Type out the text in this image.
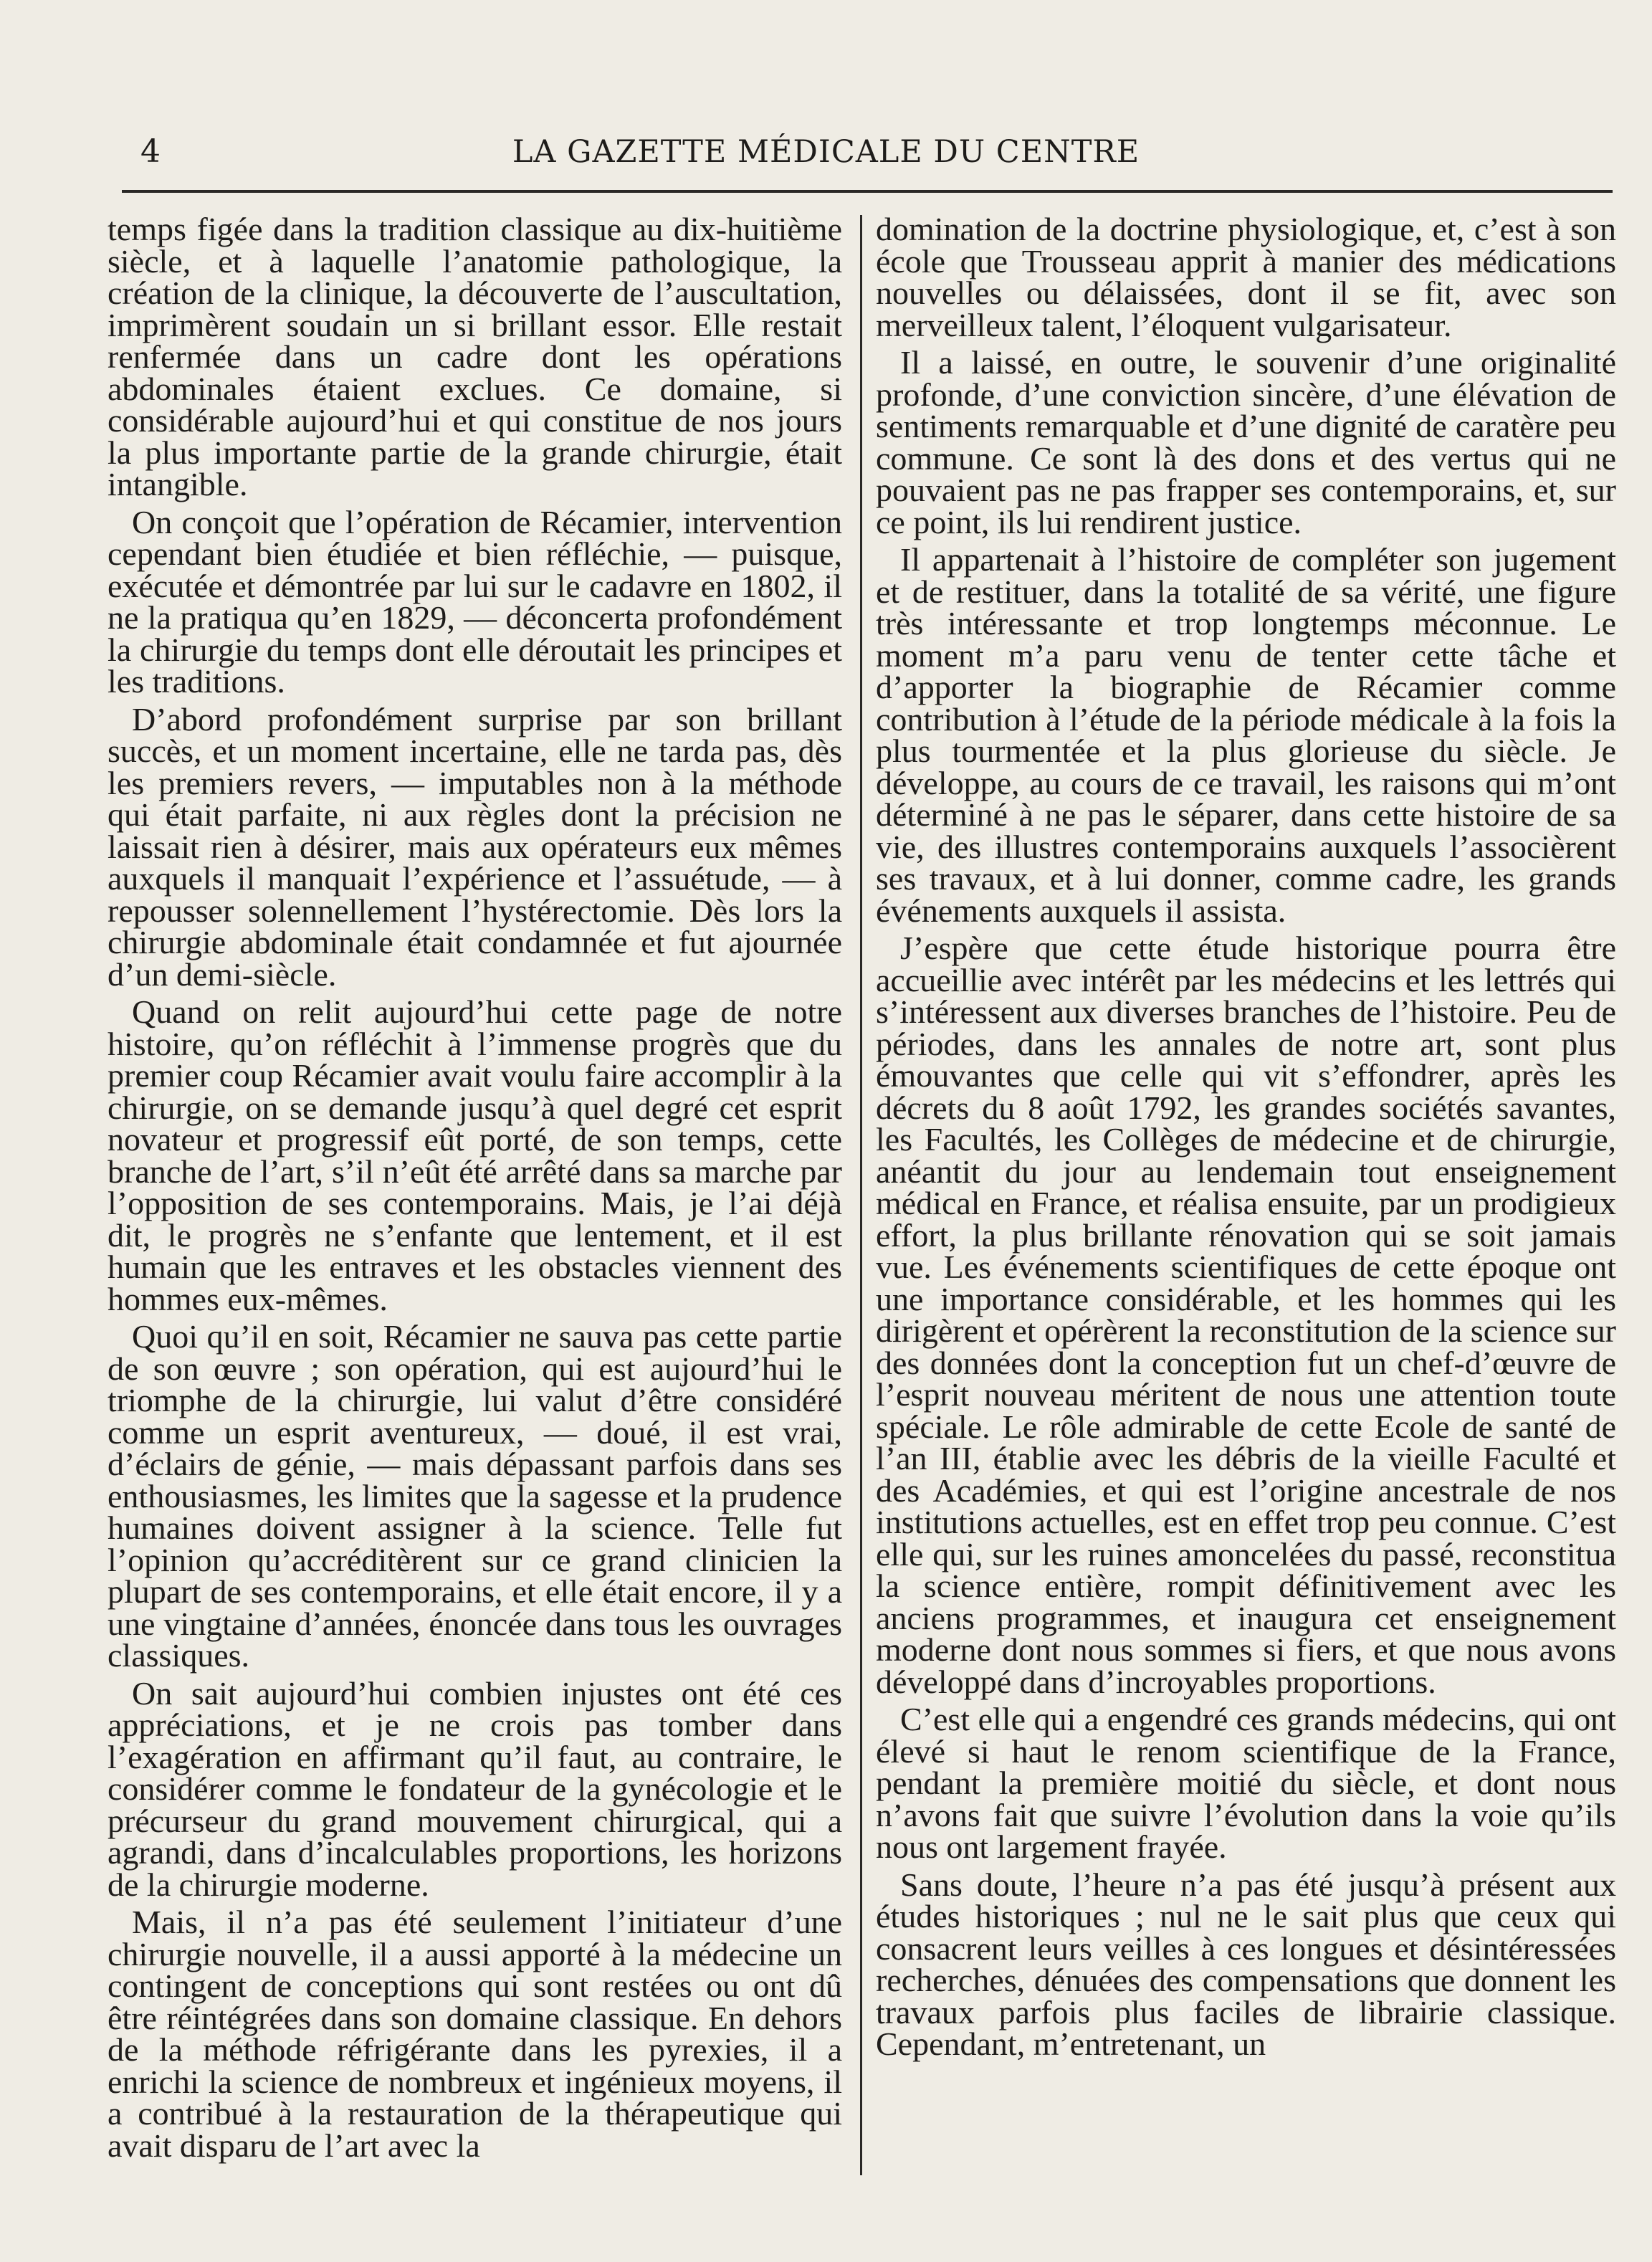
4	LA GAZETTE MÉDICALE DU CENTRE

temps figée dans la tradition classique au dix-huitième siècle, et à laquelle l’anatomie pathologique, la création de la clinique, la découverte de l’auscultation, imprimèrent soudain un si brillant essor. Elle restait renfermée dans un cadre dont les opérations abdominales étaient exclues. Ce domaine, si considérable aujourd’hui et qui constitue de nos jours la plus importante partie de la grande chirurgie, était intangible.

On conçoit que l’opération de Récamier, intervention cependant bien étudiée et bien réfléchie, — puisque, exécutée et démontrée par lui sur le cadavre en 1802, il ne la pratiqua qu’en 1829, — déconcerta profondément la chirurgie du temps dont elle déroutait les principes et les traditions.

D’abord profondément surprise par son brillant succès, et un moment incertaine, elle ne tarda pas, dès les premiers revers, — imputables non à la méthode qui était parfaite, ni aux règles dont la précision ne laissait rien à désirer, mais aux opérateurs eux mêmes auxquels il manquait l’expérience et l’assuétude, — à repousser solennellement l’hystérectomie. Dès lors la chirurgie abdominale était condamnée et fut ajournée d’un demi-siècle.

Quand on relit aujourd’hui cette page de notre histoire, qu’on réfléchit à l’immense progrès que du premier coup Récamier avait voulu faire accomplir à la chirurgie, on se demande jusqu’à quel degré cet esprit novateur et progressif eût porté, de son temps, cette branche de l’art, s’il n’eût été arrêté dans sa marche par l’opposition de ses contemporains. Mais, je l’ai déjà dit, le progrès ne s’enfante que lentement, et il est humain que les entraves et les obstacles viennent des hommes eux-mêmes.

Quoi qu’il en soit, Récamier ne sauva pas cette partie de son œuvre ; son opération, qui est aujourd’hui le triomphe de la chirurgie, lui valut d’être considéré comme un esprit aventureux, — doué, il est vrai, d’éclairs de génie, — mais dépassant parfois dans ses enthousiasmes, les limites que la sagesse et la prudence humaines doivent assigner à la science. Telle fut l’opinion qu’accréditèrent sur ce grand clinicien la plupart de ses contemporains, et elle était encore, il y a une vingtaine d’années, énoncée dans tous les ouvrages classiques.

On sait aujourd’hui combien injustes ont été ces appréciations, et je ne crois pas tomber dans l’exagération en affirmant qu’il faut, au contraire, le considérer comme le fondateur de la gynécologie et le précurseur du grand mouvement chirurgical, qui a agrandi, dans d’incalculables proportions, les horizons de la chirurgie moderne.

Mais, il n’a pas été seulement l’initiateur d’une chirurgie nouvelle, il a aussi apporté à la médecine un contingent de conceptions qui sont restées ou ont dû être réintégrées dans son domaine classique. En dehors de la méthode réfrigérante dans les pyrexies, il a enrichi la science de nombreux et ingénieux moyens, il a contribué à la restauration de la thérapeutique qui avait disparu de l’art avec la

domination de la doctrine physiologique, et, c’est à son école que Trousseau apprit à manier des médications nouvelles ou délaissées, dont il se fit, avec son merveilleux talent, l’éloquent vulgarisateur.

Il a laissé, en outre, le souvenir d’une originalité profonde, d’une conviction sincère, d’une élévation de sentiments remarquable et d’une dignité de caratère peu commune. Ce sont là des dons et des vertus qui ne pouvaient pas ne pas frapper ses contemporains, et, sur ce point, ils lui rendirent justice.

Il appartenait à l’histoire de compléter son jugement et de restituer, dans la totalité de sa vérité, une figure très intéressante et trop longtemps méconnue. Le moment m’a paru venu de tenter cette tâche et d’apporter la biographie de Récamier comme contribution à l’étude de la période médicale à la fois la plus tourmentée et la plus glorieuse du siècle. Je développe, au cours de ce travail, les raisons qui m’ont déterminé à ne pas le séparer, dans cette histoire de sa vie, des illustres contemporains auxquels l’associèrent ses travaux, et à lui donner, comme cadre, les grands événements auxquels il assista.

J’espère que cette étude historique pourra être accueillie avec intérêt par les médecins et les lettrés qui s’intéressent aux diverses branches de l’histoire. Peu de périodes, dans les annales de notre art, sont plus émouvantes que celle qui vit s’effondrer, après les décrets du 8 août 1792, les grandes sociétés savantes, les Facultés, les Collèges de médecine et de chirurgie, anéantit du jour au lendemain tout enseignement médical en France, et réalisa ensuite, par un prodigieux effort, la plus brillante rénovation qui se soit jamais vue. Les événements scientifiques de cette époque ont une importance considérable, et les hommes qui les dirigèrent et opérèrent la reconstitution de la science sur des données dont la conception fut un chef-d’œuvre de l’esprit nouveau méritent de nous une attention toute spéciale. Le rôle admirable de cette Ecole de santé de l’an III, établie avec les débris de la vieille Faculté et des Académies, et qui est l’origine ancestrale de nos institutions actuelles, est en effet trop peu connue. C’est elle qui, sur les ruines amoncelées du passé, reconstitua la science entière, rompit définitivement avec les anciens programmes, et inaugura cet enseignement moderne dont nous sommes si fiers, et que nous avons développé dans d’incroyables proportions.

C’est elle qui a engendré ces grands médecins, qui ont élevé si haut le renom scientifique de la France, pendant la première moitié du siècle, et dont nous n’avons fait que suivre l’évolution dans la voie qu’ils nous ont largement frayée.

Sans doute, l’heure n’a pas été jusqu’à présent aux études historiques ; nul ne le sait plus que ceux qui consacrent leurs veilles à ces longues et désintéressées recherches, dénuées des compensations que donnent les travaux parfois plus faciles de librairie classique. Cependant, m’entretenant, un
